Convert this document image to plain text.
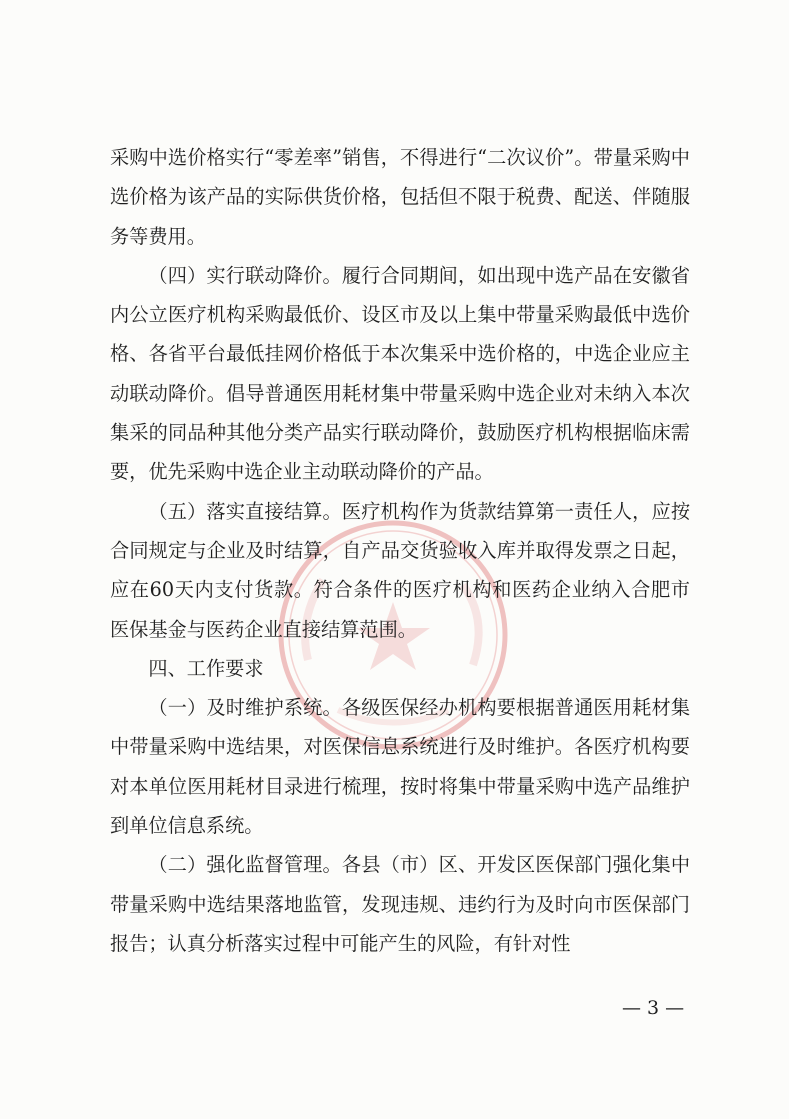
采购中选价格实行“零差率”销售，不得进行“二次议价”。带量采购中选价格为该产品的实际供货价格，包括但不限于税费、配送、伴随服务等费用。

（四）实行联动降价。履行合同期间，如出现中选产品在安徽省内公立医疗机构采购最低价、设区市及以上集中带量采购最低中选价格、各省平台最低挂网价格低于本次集采中选价格的，中选企业应主动联动降价。倡导普通医用耗材集中带量采购中选企业对未纳入本次集采的同品种其他分类产品实行联动降价，鼓励医疗机构根据临床需要，优先采购中选企业主动联动降价的产品。

（五）落实直接结算。医疗机构作为货款结算第一责任人，应按合同规定与企业及时结算，自产品交货验收入库并取得发票之日起，应在60天内支付货款。符合条件的医疗机构和医药企业纳入合肥市医保基金与医药企业直接结算范围。

四、工作要求

（一）及时维护系统。各级医保经办机构要根据普通医用耗材集中带量采购中选结果，对医保信息系统进行及时维护。各医疗机构要对本单位医用耗材目录进行梳理，按时将集中带量采购中选产品维护到单位信息系统。

（二）强化监督管理。各县（市）区、开发区医保部门强化集中带量采购中选结果落地监管，发现违规、违约行为及时向市医保部门报告；认真分析落实过程中可能产生的风险，有针对性

— 3 —
